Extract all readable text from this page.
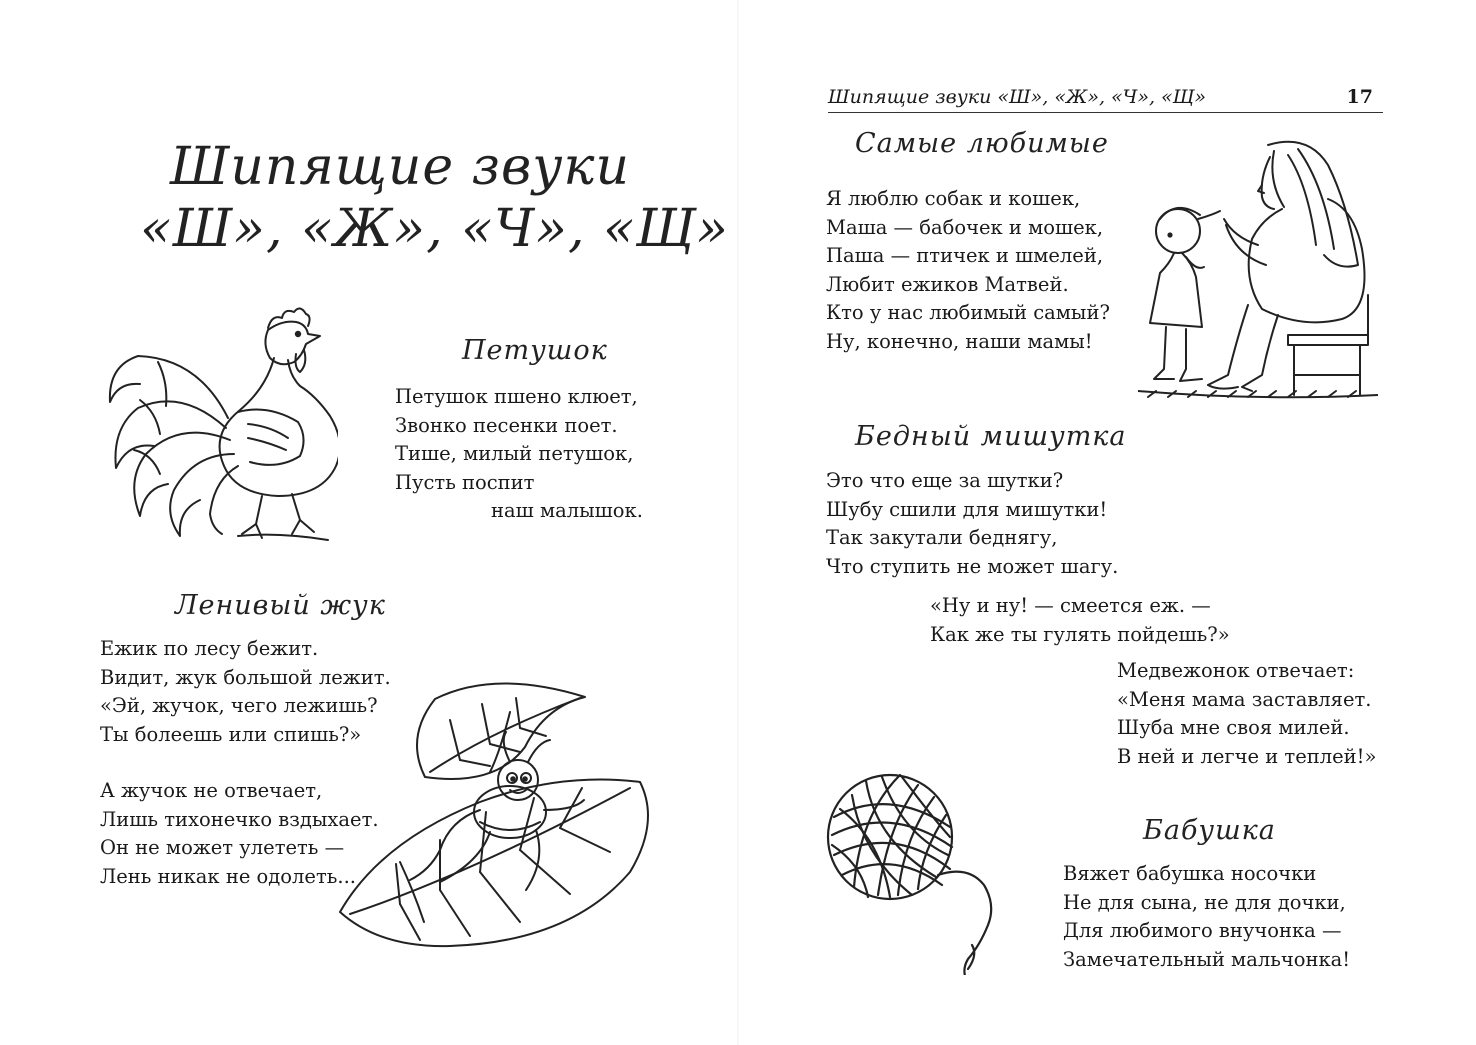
Шипящие звуки
«Ш», «Ж», «Ч», «Щ»
Петушок
Петушок пшено клюет,
Звонко песенки поет.
Тише, милый петушок,
Пусть поспит
наш малышок.
Ленивый жук
Ежик по лесу бежит.
Видит, жук большой лежит.
«Эй, жучок, чего лежишь?
Ты болеешь или спишь?»
А жучок не отвечает,
Лишь тихонечко вздыхает.
Он не может улететь —
Лень никак не одолеть...
Шипящие звуки «Ш», «Ж», «Ч», «Щ»	17
Самые любимые
Я люблю собак и кошек,
Маша — бабочек и мошек,
Паша — птичек и шмелей,
Любит ежиков Матвей.
Кто у нас любимый самый?
Ну, конечно, наши мамы!
Бедный мишутка
Это что еще за шутки?
Шубу сшили для мишутки!
Так закутали беднягу,
Что ступить не может шагу.
«Ну и ну! — смеется еж. —
Как же ты гулять пойдешь?»
Медвежонок отвечает:
«Меня мама заставляет.
Шуба мне своя милей.
В ней и легче и теплей!»
Бабушка
Вяжет бабушка носочки
Не для сына, не для дочки,
Для любимого внучонка —
Замечательный мальчонка!
